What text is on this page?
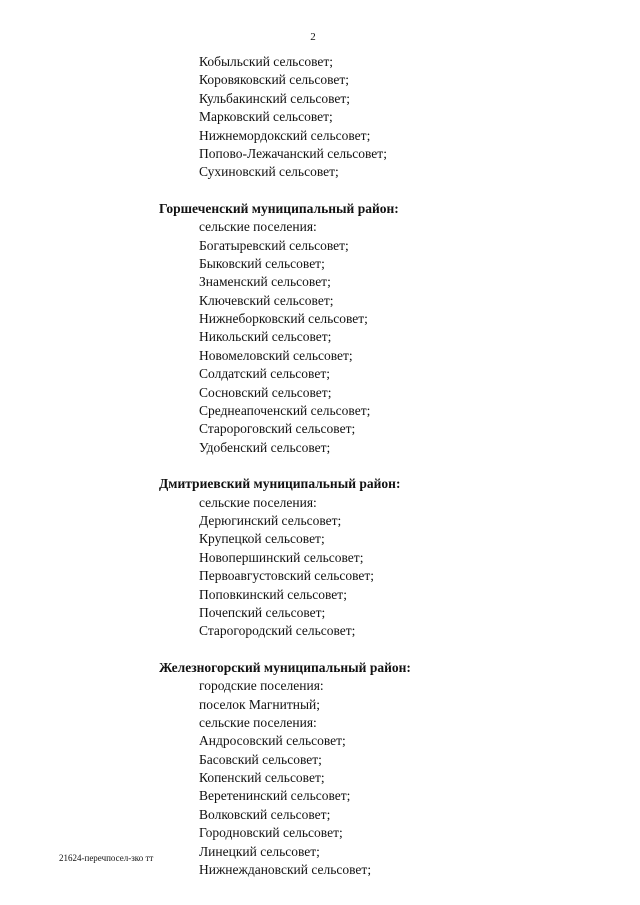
2
Кобыльский сельсовет;
Коровяковский сельсовет;
Кульбакинский сельсовет;
Марковский сельсовет;
Нижнемордокский сельсовет;
Попово-Лежачанский сельсовет;
Сухиновский сельсовет;
Горшеченский муниципальный район:
сельские поселения:
Богатыревский сельсовет;
Быковский сельсовет;
Знаменский сельсовет;
Ключевский сельсовет;
Нижнеборковский сельсовет;
Никольский сельсовет;
Новомеловский сельсовет;
Солдатский сельсовет;
Сосновский сельсовет;
Среднеапоченский сельсовет;
Старороговский сельсовет;
Удобенский сельсовет;
Дмитриевский муниципальный район:
сельские поселения:
Дерюгинский сельсовет;
Крупецкой сельсовет;
Новопершинский сельсовет;
Первоавгустовский сельсовет;
Поповкинский сельсовет;
Почепский сельсовет;
Старогородский сельсовет;
Железногорский муниципальный район:
городские поселения:
поселок Магнитный;
сельские поселения:
Андросовский сельсовет;
Басовский сельсовет;
Копенский сельсовет;
Веретенинский сельсовет;
Волковский сельсовет;
Городновский сельсовет;
Линецкий сельсовет;
Нижнеждановский сельсовет;
21624-перечпосел-зко тт
